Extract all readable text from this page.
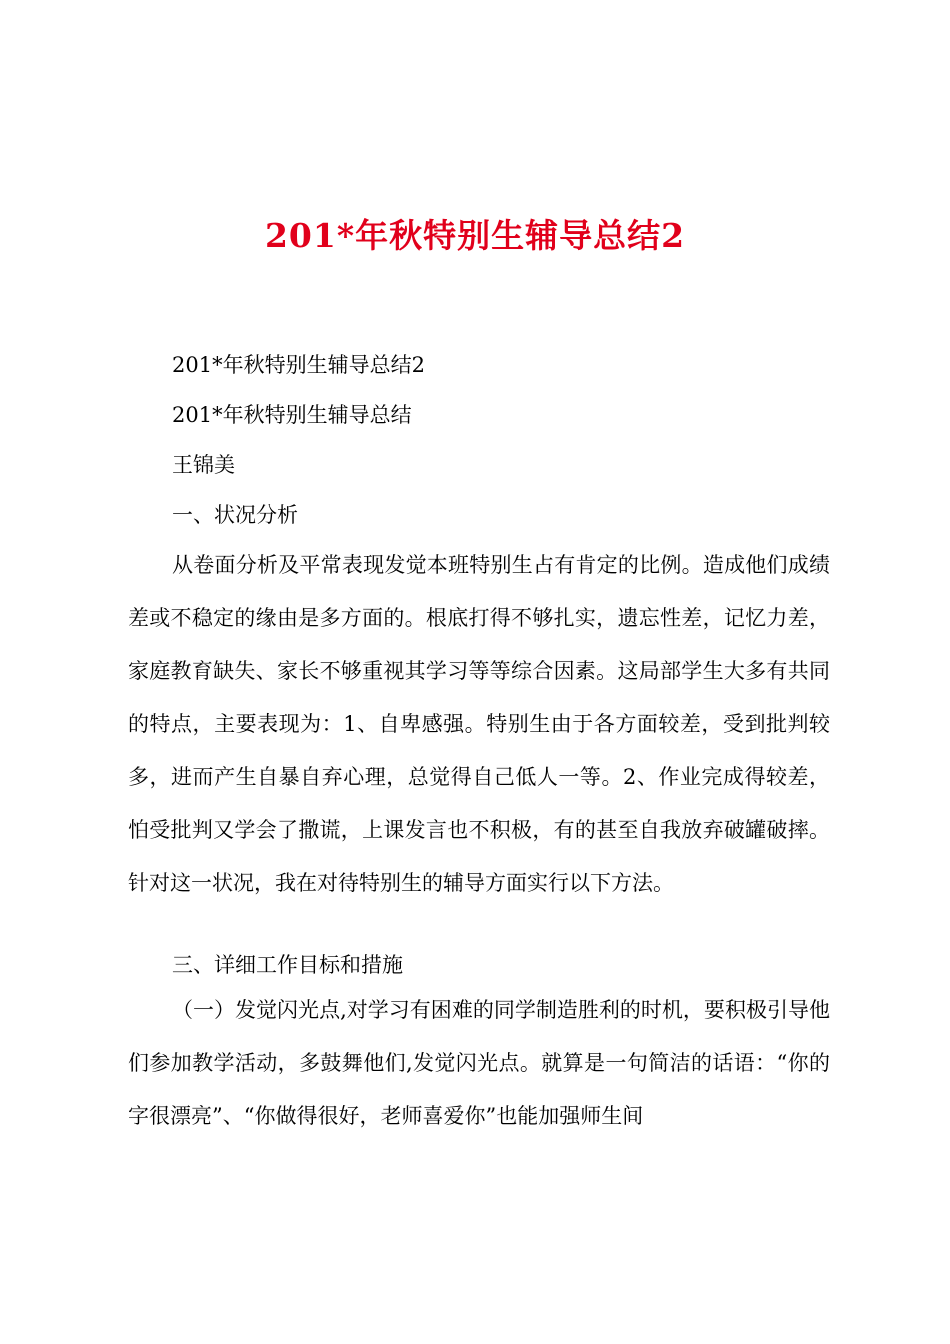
201*年秋特别生辅导总结2

201*年秋特别生辅导总结2

201*年秋特别生辅导总结

王锦美

一、状况分析

从卷面分析及平常表现发觉本班特别生占有肯定的比例。造成他们成绩差或不稳定的缘由是多方面的。根底打得不够扎实，遗忘性差，记忆力差，家庭教育缺失、家长不够重视其学习等等综合因素。这局部学生大多有共同的特点，主要表现为：1、自卑感强。特别生由于各方面较差，受到批判较多，进而产生自暴自弃心理，总觉得自己低人一等。2、作业完成得较差，怕受批判又学会了撒谎，上课发言也不积极，有的甚至自我放弃破罐破摔。针对这一状况，我在对待特别生的辅导方面实行以下方法。

三、详细工作目标和措施

（一）发觉闪光点,对学习有困难的同学制造胜利的时机，要积极引导他们参加教学活动，多鼓舞他们,发觉闪光点。就算是一句简洁的话语：“你的字很漂亮”、“你做得很好，老师喜爱你”也能加强师生间
